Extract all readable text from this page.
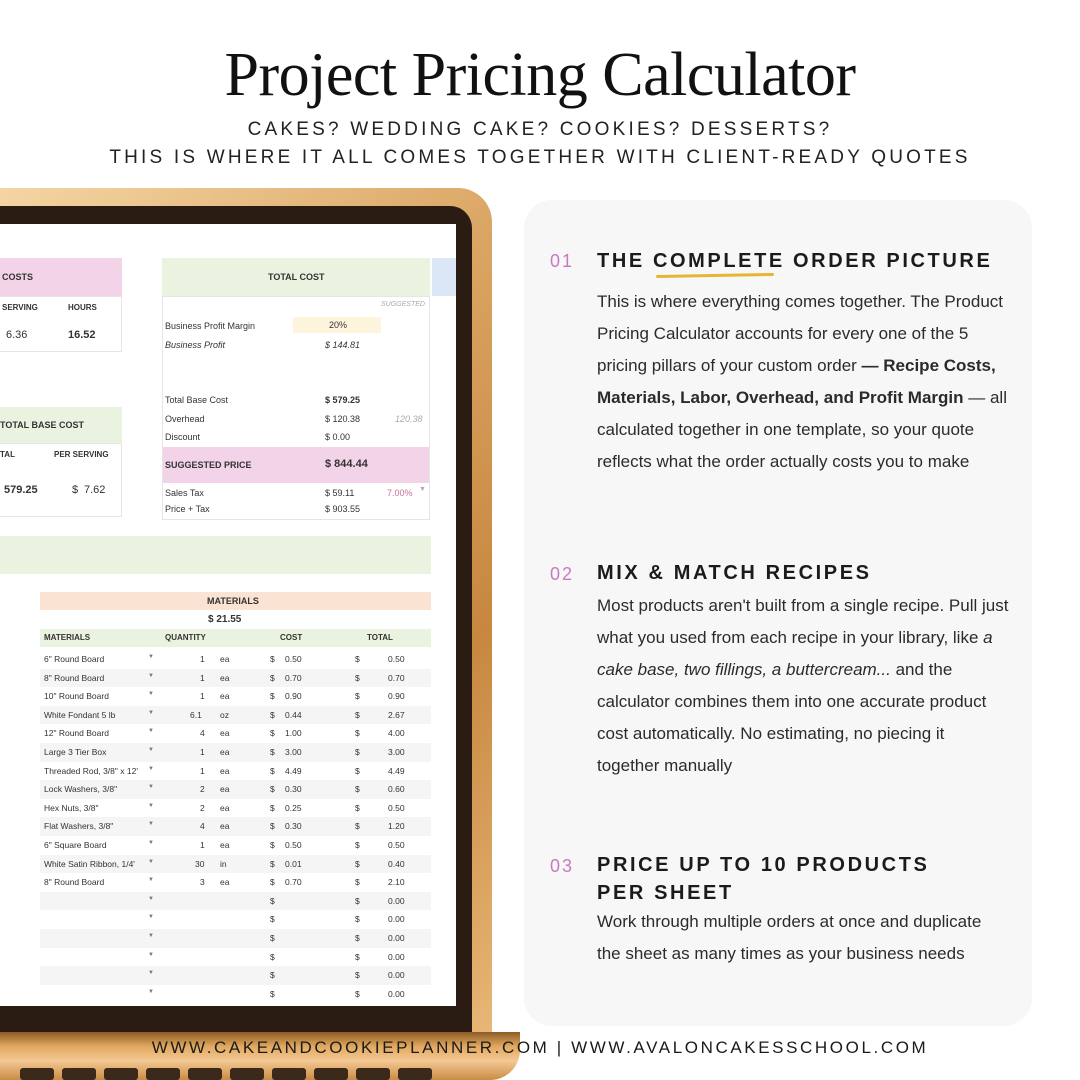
Project Pricing Calculator
CAKES? WEDDING CAKE? COOKIES? DESSERTS?
THIS IS WHERE IT ALL COMES TOGETHER WITH CLIENT-READY QUOTES
COSTS
SERVING	HOURS
6.36	16.52
TOTAL BASE COST
TAL	PER SERVING
579.25	$ 7.62
TOTAL COST
SUGGESTED
Business Profit Margin	20%
Business Profit	$ 144.81
Total Base Cost	$ 579.25
Overhead	$ 120.38	120.38
Discount	$ 0.00
SUGGESTED PRICE	$ 844.44
Sales Tax	$ 59.11	7.00% ▼
Price + Tax	$ 903.55
MATERIALS
$ 21.55
MATERIALS	QUANTITY	COST	TOTAL
6" Round Board	▼	1 ea	$ 0.50	$	0.50
8" Round Board	▼	1 ea	$ 0.70	$	0.70
10" Round Board	▼	1 ea	$ 0.90	$	0.90
White Fondant 5 lb	▼	6.1 oz	$ 0.44	$	2.67
12" Round Board	▼	4 ea	$ 1.00	$	4.00
Large 3 Tier Box	▼	1 ea	$ 3.00	$	3.00
Threaded Rod, 3/8" x 12' ▼	1 ea	$ 4.49	$	4.49
Lock Washers, 3/8"	▼	2 ea	$ 0.30	$	0.60
Hex Nuts, 3/8"	▼	2 ea	$ 0.25	$	0.50
Flat Washers, 3/8"	▼	4 ea	$ 0.30	$	1.20
6" Square Board	▼	1 ea	$ 0.50	$	0.50
White Satin Ribbon, 1/4' ▼	30 in	$ 0.01	$	0.40
8" Round Board	▼	3 ea	$ 0.70	$	2.10
▼	$	$	0.00
▼	$	$	0.00
▼	$	$	0.00
▼	$	$	0.00
▼	$	$	0.00
▼	$	$	0.00
01 THE COMPLETE ORDER PICTURE
This is where everything comes together. The Product Pricing Calculator accounts for every one of the 5 pricing pillars of your custom order — Recipe Costs, Materials, Labor, Overhead, and Profit Margin — all calculated together in one template, so your quote reflects what the order actually costs you to make
02 MIX & MATCH RECIPES
Most products aren't built from a single recipe. Pull just what you used from each recipe in your library, like a cake base, two fillings, a buttercream... and the calculator combines them into one accurate product cost automatically. No estimating, no piecing it together manually
03 PRICE UP TO 10 PRODUCTS
PER SHEET
Work through multiple orders at once and duplicate the sheet as many times as your business needs
WWW.CAKEANDCOOKIEPLANNER.COM | WWW.AVALONCAKESSCHOOL.COM
